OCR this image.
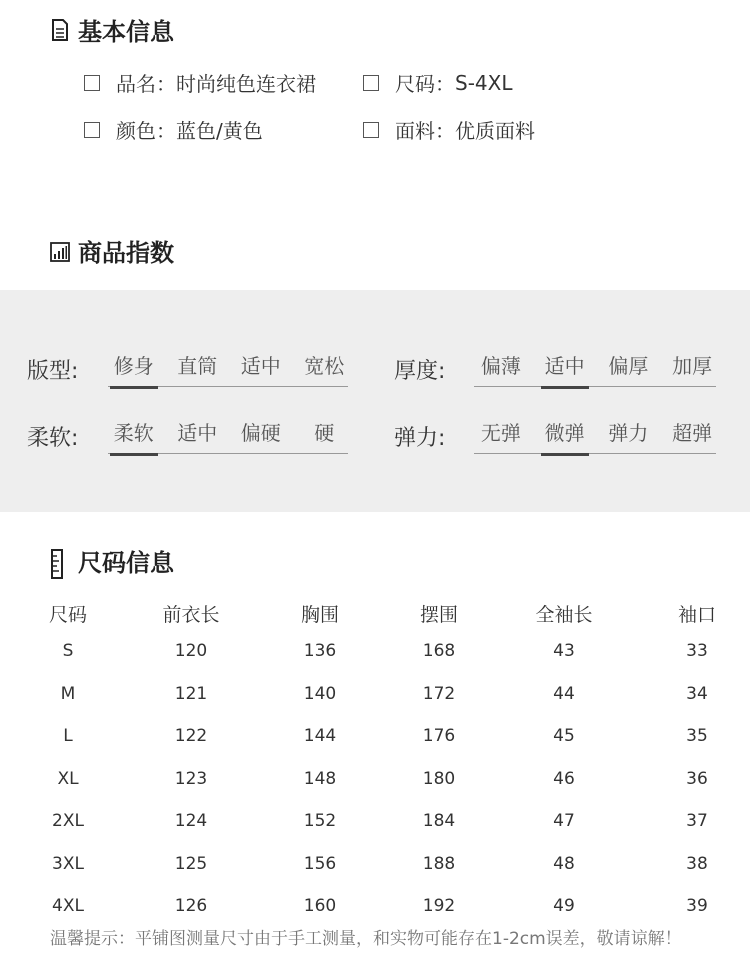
基本信息
品名： 时尚纯色连衣裙	尺码： S-4XL
颜色： 蓝色/黄色	面料： 优质面料
商品指数
版型: 修身 直筒 适中 宽松 厚度: 偏薄 适中 偏厚 加厚
柔软: 柔软 适中 偏硬	硬	弹力: 无弹 微弹 弹力 超弹
尺码信息
尺码	前衣长	胸围	摆围	全袖长	袖口
S	120	136	168	43	33
M	121	140	172	44	34
L	122	144	176	45	35
XL	123	148	180	46	36
2XL	124	152	184	47	37
3XL	125	156	188	48	38
4XL	126	160	192	49	39
温馨提示：平铺图测量尺寸由于手工测量，和实物可能存在1-2cm误差，敬请谅解！
